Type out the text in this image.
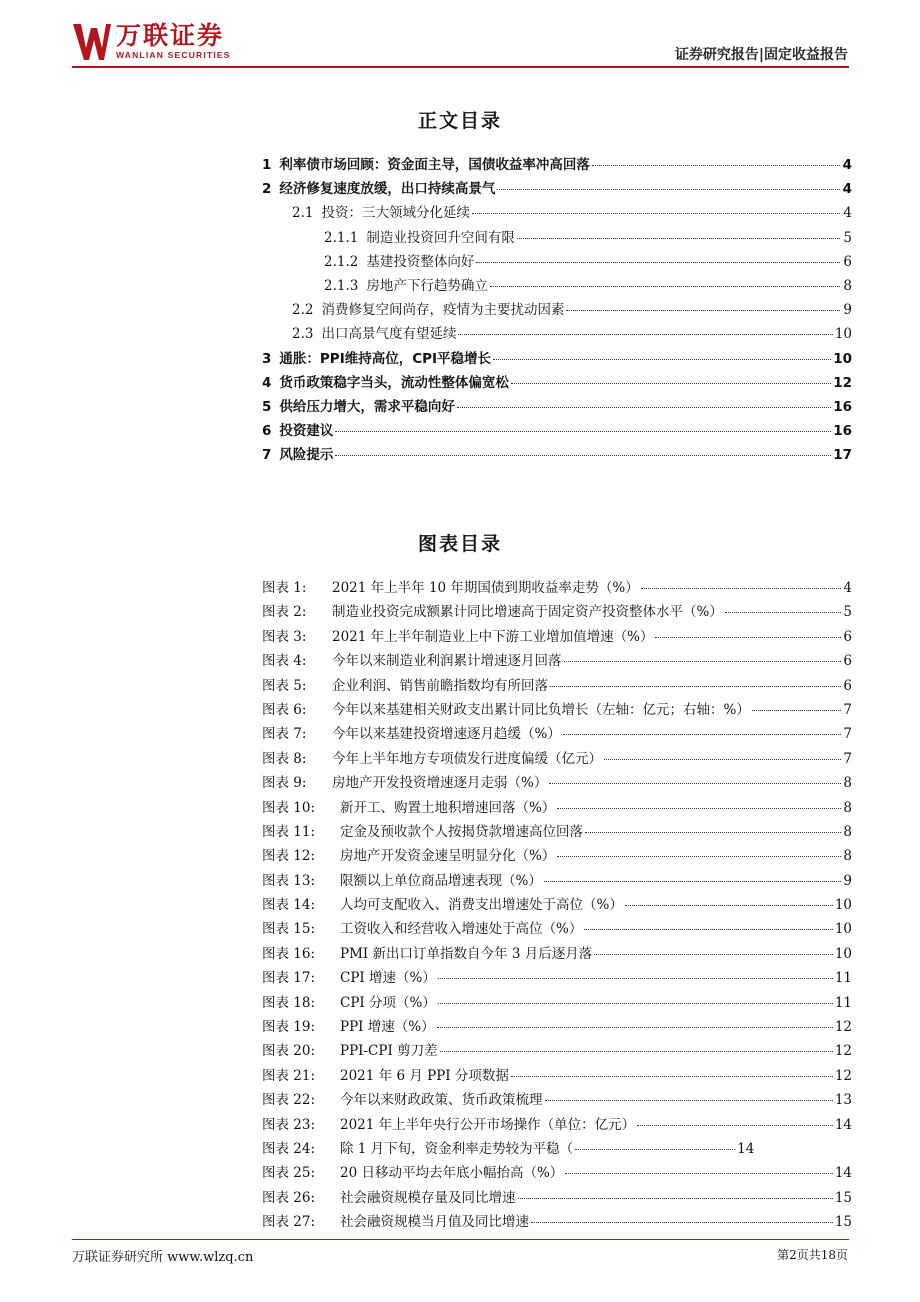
万联证券
WANLIAN SECURITIES	证券研究报告|固定收益报告
正文目录
1 利率债市场回顾：资金面主导，国债收益率冲高回落	4
2 经济修复速度放缓，出口持续高景气	4
2.1 投资：三大领域分化延续	4
2.1.1 制造业投资回升空间有限	5
2.1.2 基建投资整体向好	6
2.1.3 房地产下行趋势确立	8
2.2 消费修复空间尚存，疫情为主要扰动因素	9
2.3 出口高景气度有望延续	10
3 通胀：PPI维持高位，CPI平稳增长	10
4 货币政策稳字当头，流动性整体偏宽松	12
5 供给压力增大，需求平稳向好	16
6 投资建议	16
7 风险提示	17
图表目录
图表 1:	2021 年上半年 10 年期国债到期收益率走势（%）	4
图表 2:	制造业投资完成额累计同比增速高于固定资产投资整体水平（%）	5
图表 3:	2021 年上半年制造业上中下游工业增加值增速（%）	6
图表 4:	今年以来制造业利润累计增速逐月回落	6
图表 5:	企业利润、销售前瞻指数均有所回落	6
图表 6:	今年以来基建相关财政支出累计同比负增长（左轴：亿元；右轴：%）	7
图表 7:	今年以来基建投资增速逐月趋缓（%）	7
图表 8:	今年上半年地方专项债发行进度偏缓（亿元）	7
图表 9:	房地产开发投资增速逐月走弱（%）	8
图表 10:	新开工、购置土地积增速回落（%）	8
图表 11:	定金及预收款个人按揭贷款增速高位回落	8
图表 12:	房地产开发资金速呈明显分化（%）	8
图表 13:	限额以上单位商品增速表现（%）	9
图表 14:	人均可支配收入、消费支出增速处于高位（%）	10
图表 15:	工资收入和经营收入增速处于高位（%）	10
图表 16:	PMI 新出口订单指数自今年 3 月后逐月落	10
图表 17:	CPI 增速（%）	11
图表 18:	CPI 分项（%）	11
图表 19:	PPI 增速（%）	12
图表 20:	PPI-CPI 剪刀差	12
图表 21:	2021 年 6 月 PPI 分项数据	12
图表 22:	今年以来财政政策、货币政策梳理	13
图表 23:	2021 年上半年央行公开市场操作（单位：亿元）	14
图表 24:	除 1 月下旬，资金利率走势较为平稳（	14
图表 25:	20 日移动平均去年底小幅抬高（%）	14
图表 26:	社会融资规模存量及同比增速	15
图表 27:	社会融资规模当月值及同比增速	15
万联证券研究所 www.wlzq.cn	第2页共18页
